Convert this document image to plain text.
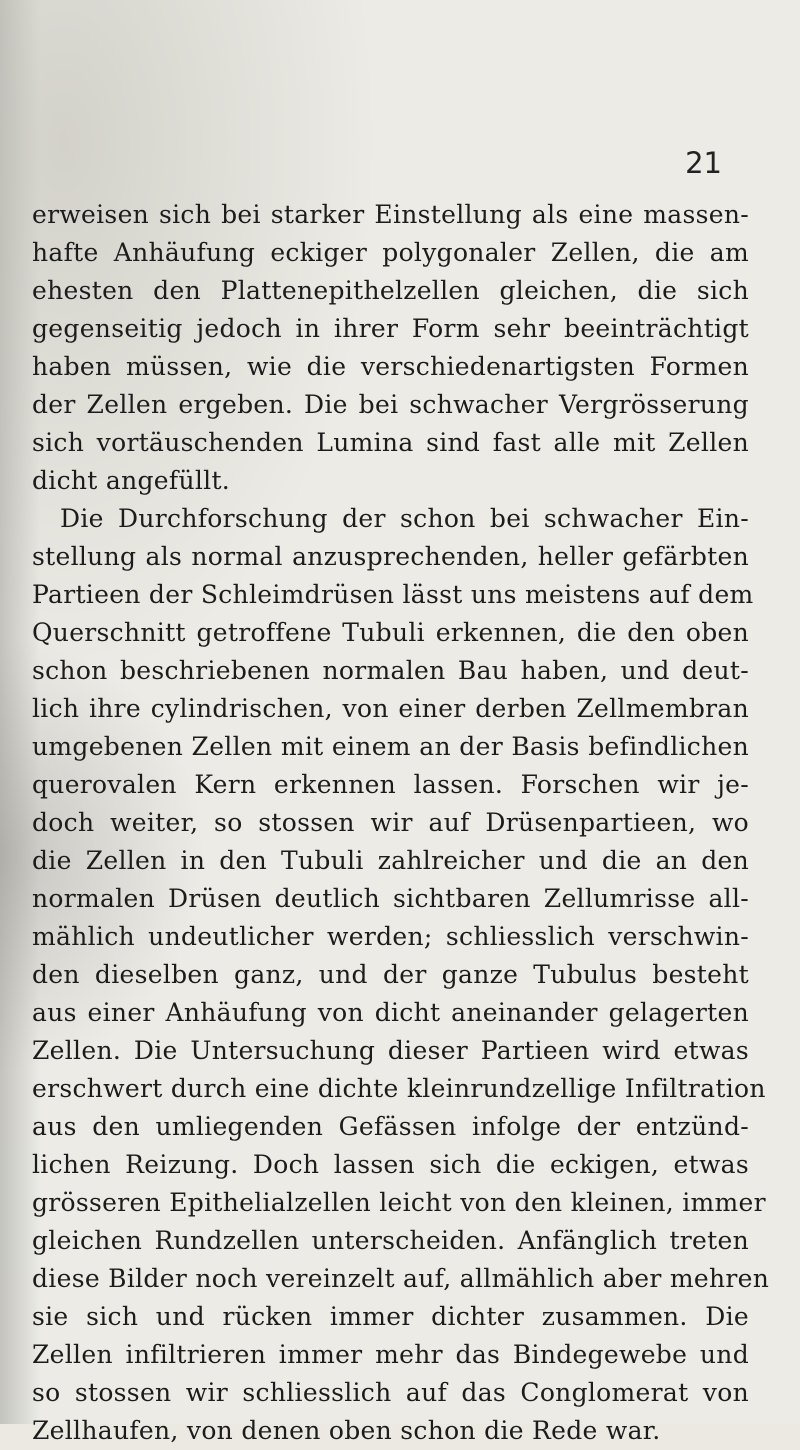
21
erweisen sich bei starker Einstellung als eine massen-
hafte Anhäufung eckiger polygonaler Zellen, die am
ehesten den Plattenepithelzellen gleichen, die sich
gegenseitig jedoch in ihrer Form sehr beeinträchtigt
haben müssen, wie die verschiedenartigsten Formen
der Zellen ergeben. Die bei schwacher Vergrösserung
sich vortäuschenden Lumina sind fast alle mit Zellen
dicht angefüllt.
Die Durchforschung der schon bei schwacher Ein-
stellung als normal anzusprechenden, heller gefärbten
Partieen der Schleimdrüsen lässt uns meistens auf dem
Querschnitt getroffene Tubuli erkennen, die den oben
schon beschriebenen normalen Bau haben, und deut-
lich ihre cylindrischen, von einer derben Zellmembran
umgebenen Zellen mit einem an der Basis befindlichen
querovalen Kern erkennen lassen. Forschen wir je-
doch weiter, so stossen wir auf Drüsenpartieen, wo
die Zellen in den Tubuli zahlreicher und die an den
normalen Drüsen deutlich sichtbaren Zellumrisse all-
mählich undeutlicher werden; schliesslich verschwin-
den dieselben ganz, und der ganze Tubulus besteht
aus einer Anhäufung von dicht aneinander gelagerten
Zellen. Die Untersuchung dieser Partieen wird etwas
erschwert durch eine dichte kleinrundzellige Infiltration
aus den umliegenden Gefässen infolge der entzünd-
lichen Reizung. Doch lassen sich die eckigen, etwas
grösseren Epithelialzellen leicht von den kleinen, immer
gleichen Rundzellen unterscheiden. Anfänglich treten
diese Bilder noch vereinzelt auf, allmählich aber mehren
sie sich und rücken immer dichter zusammen. Die
Zellen infiltrieren immer mehr das Bindegewebe und
so stossen wir schliesslich auf das Conglomerat von
Zellhaufen, von denen oben schon die Rede war.
